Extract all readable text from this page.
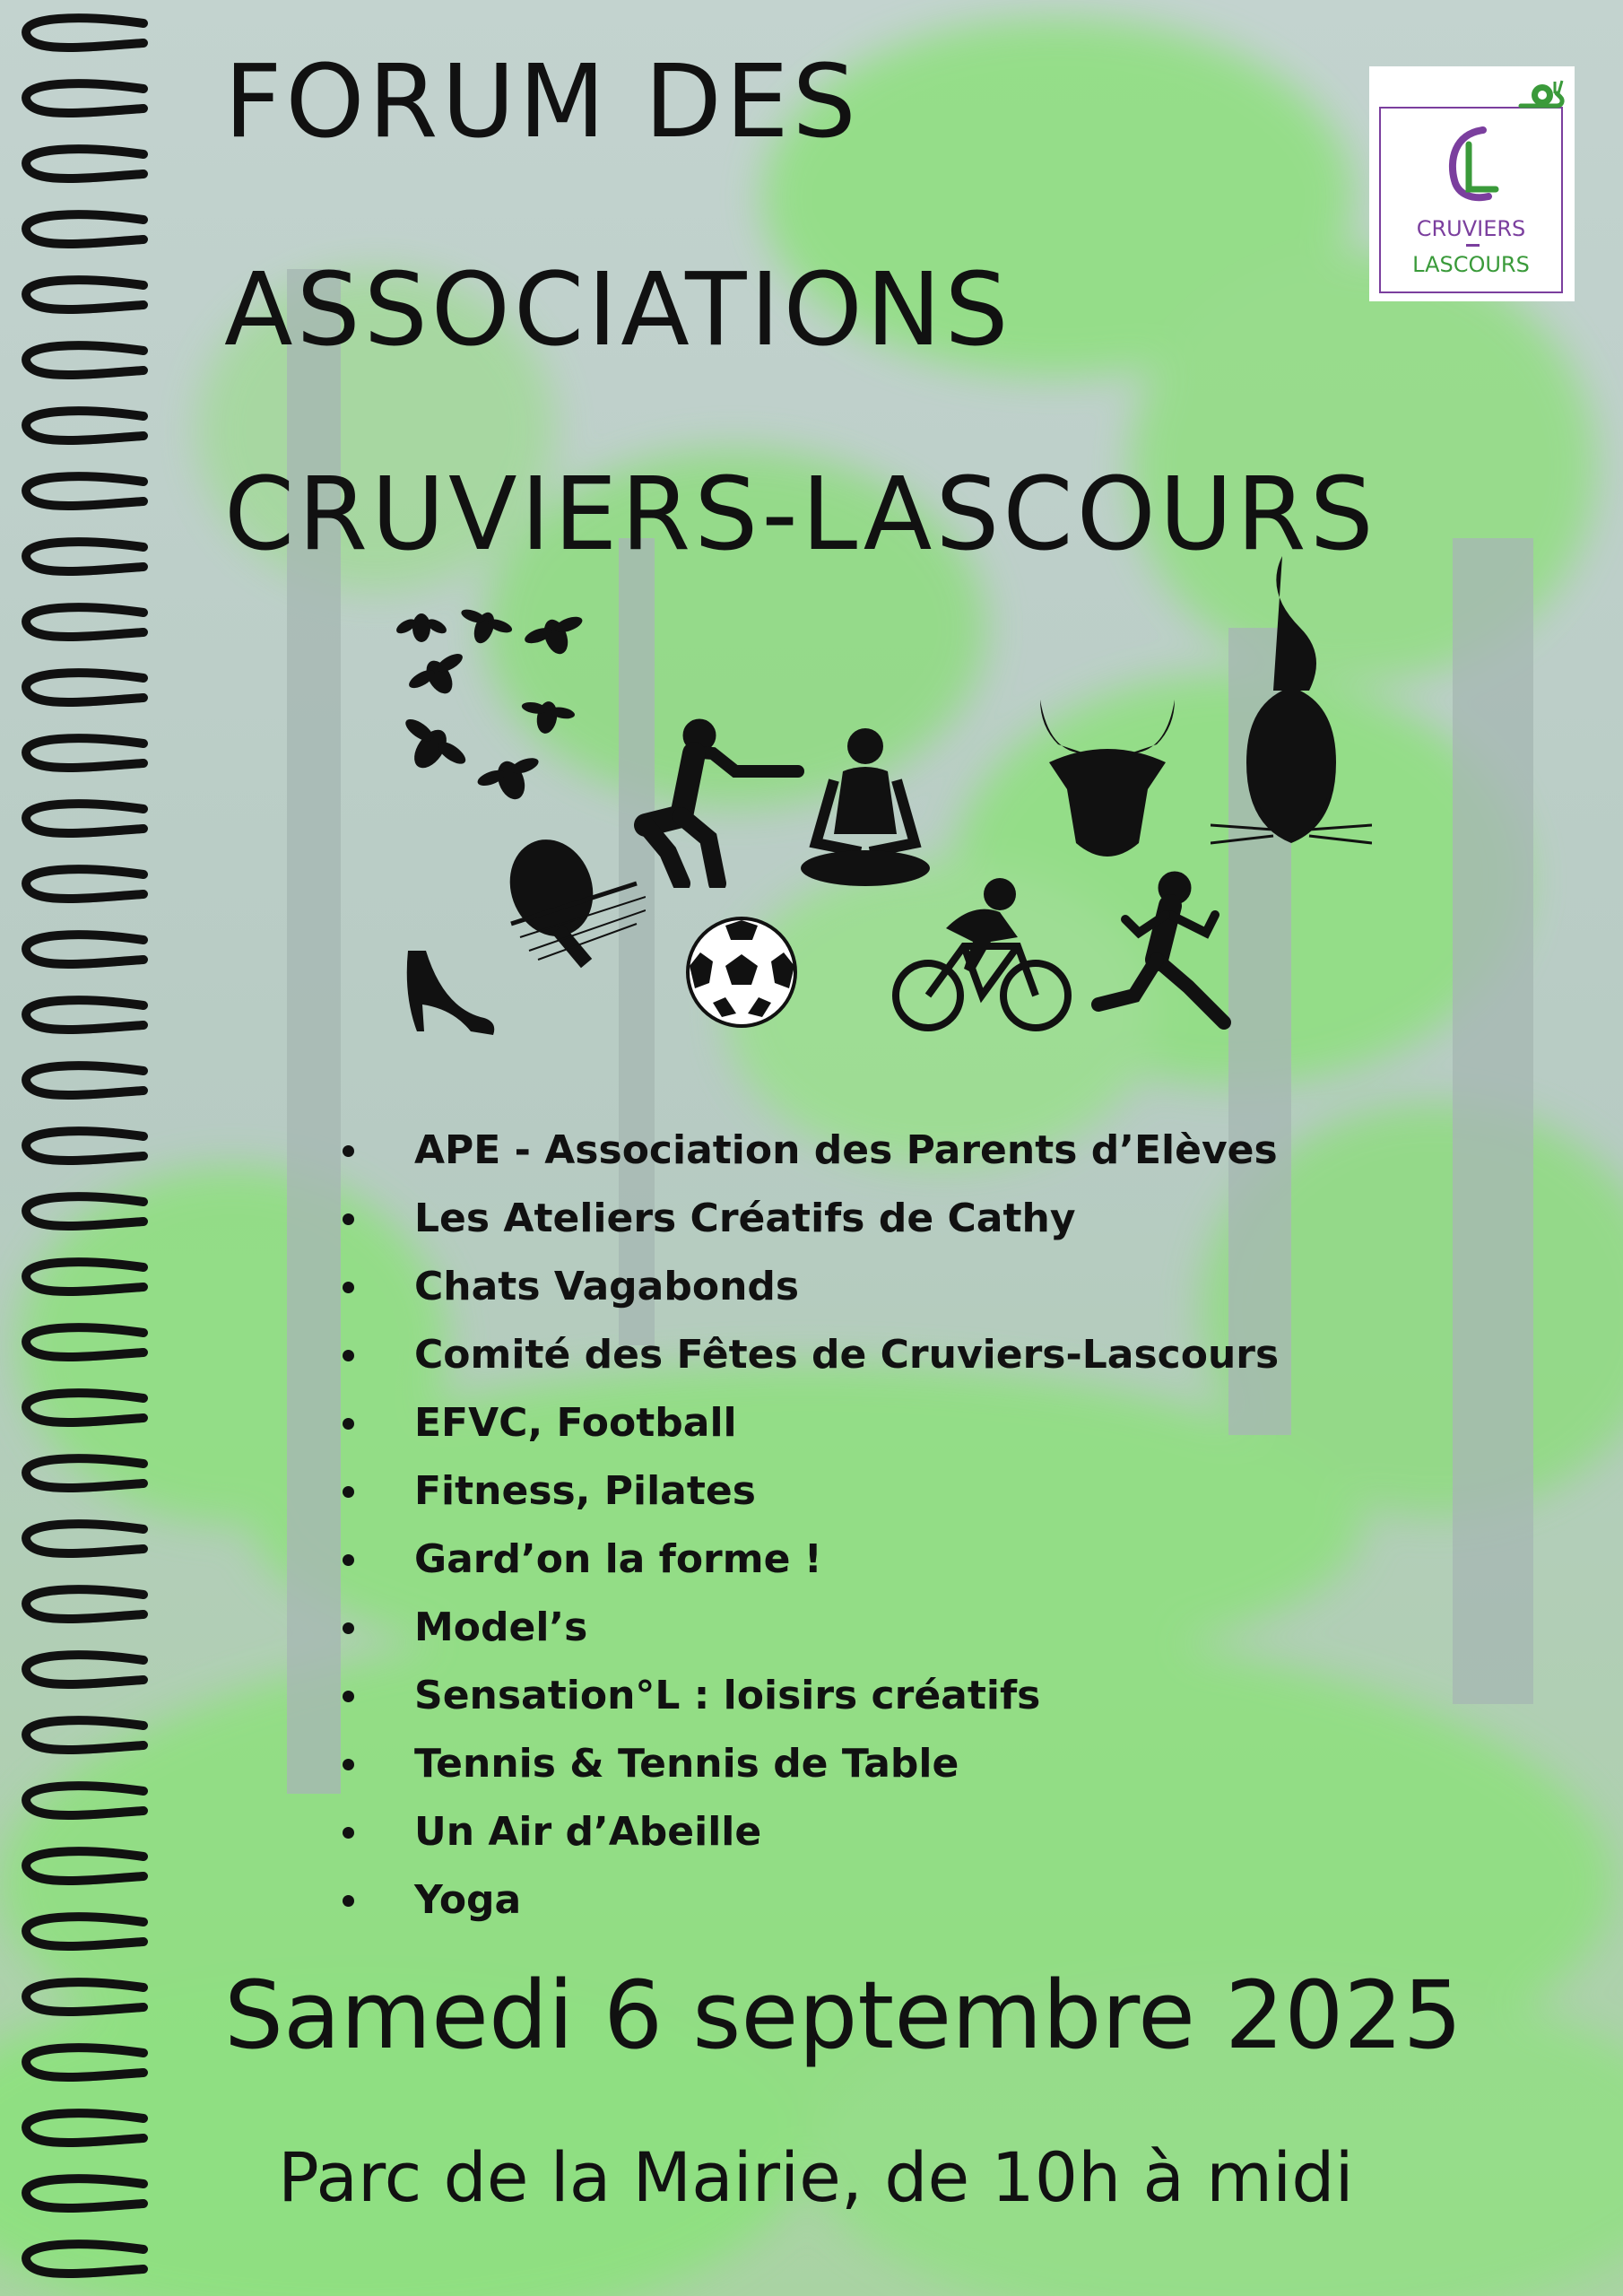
FORUM DES
ASSOCIATIONS
CRUVIERS-LASCOURS
CRUVIERS
LASCOURS
APE - Association des Parents d’Elèves
Les Ateliers Créatifs de Cathy
Chats Vagabonds
Comité des Fêtes de Cruviers-Lascours
EFVC, Football
Fitness, Pilates
Gard’on la forme !
Model’s
Sensation°L : loisirs créatifs
Tennis & Tennis de Table
Un Air d’Abeille
Yoga
Samedi 6 septembre 2025

Parc de la Mairie, de 10h à midi
